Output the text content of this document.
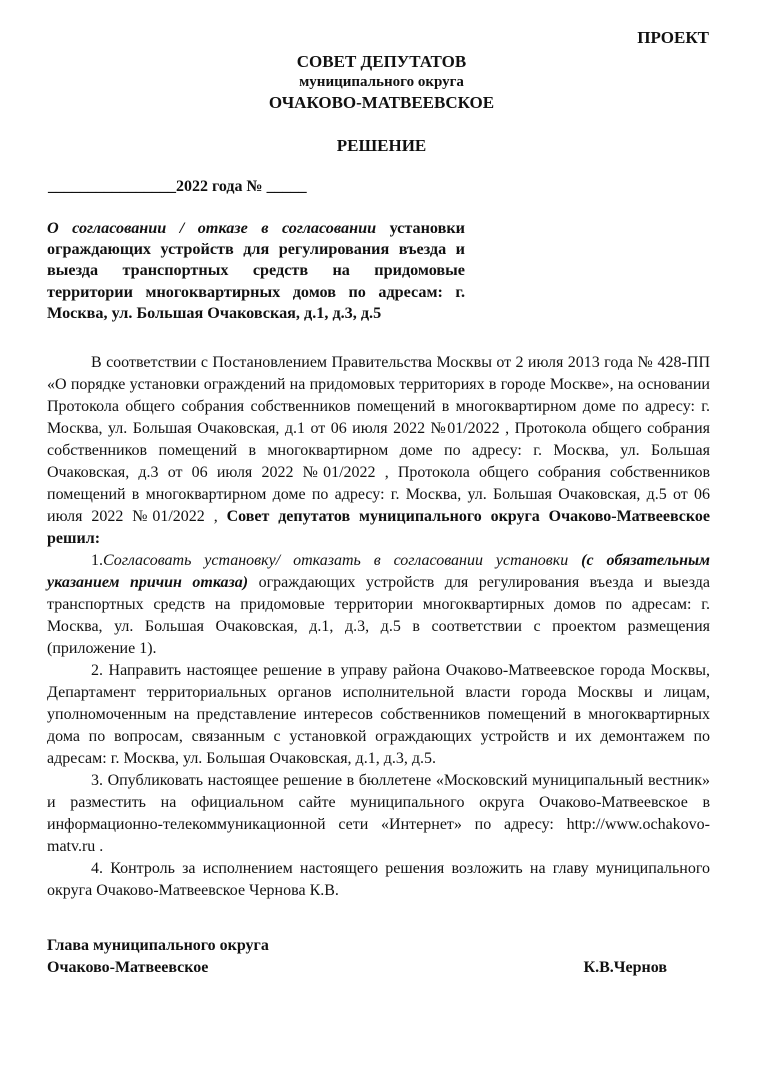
ПРОЕКТ
СОВЕТ ДЕПУТАТОВ
муниципального округа
ОЧАКОВО-МАТВЕЕВСКОЕ
РЕШЕНИЕ
________________2022 года № _____
О согласовании / отказе в согласовании установки ограждающих устройств для регулирования въезда и выезда транспортных средств на придомовые территории многоквартирных домов по адресам: г. Москва, ул. Большая Очаковская, д.1, д.3, д.5

В соответствии с Постановлением Правительства Москвы от 2 июля 2013 года № 428-ПП «О порядке установки ограждений на придомовых территориях в городе Москве», на основании Протокола общего собрания собственников помещений в многоквартирном доме по адресу: г. Москва, ул. Большая Очаковская, д.1 от 06 июля 2022 №01/2022 , Протокола общего собрания собственников помещений в многоквартирном доме по адресу: г. Москва, ул. Большая Очаковская, д.3 от 06 июля 2022 №01/2022 , Протокола общего собрания собственников помещений в многоквартирном доме по адресу: г. Москва, ул. Большая Очаковская, д.5 от 06 июля 2022 №01/2022 , Совет депутатов муниципального округа Очаково-Матвеевское решил:

1.Согласовать установку/ отказать в согласовании установки (с обязательным указанием причин отказа) ограждающих устройств для регулирования въезда и выезда транспортных средств на придомовые территории многоквартирных домов по адресам: г. Москва, ул. Большая Очаковская, д.1, д.3, д.5 в соответствии с проектом размещения (приложение 1).

2. Направить настоящее решение в управу района Очаково-Матвеевское города Москвы, Департамент территориальных органов исполнительной власти города Москвы и лицам, уполномоченным на представление интересов собственников помещений в многоквартирных дома по вопросам, связанным с установкой ограждающих устройств и их демонтажем по адресам: г. Москва, ул. Большая Очаковская, д.1, д.3, д.5.

3. Опубликовать настоящее решение в бюллетене «Московский муниципальный вестник» и разместить на официальном сайте муниципального округа Очаково-Матвеевское в информационно-телекоммуникационной сети «Интернет» по адресу: http://www.ochakovo-matv.ru .

4. Контроль за исполнением настоящего решения возложить на главу муниципального округа Очаково-Матвеевское Чернова К.В.

Глава муниципального округа
Очаково-Матвеевское	К.В.Чернов
